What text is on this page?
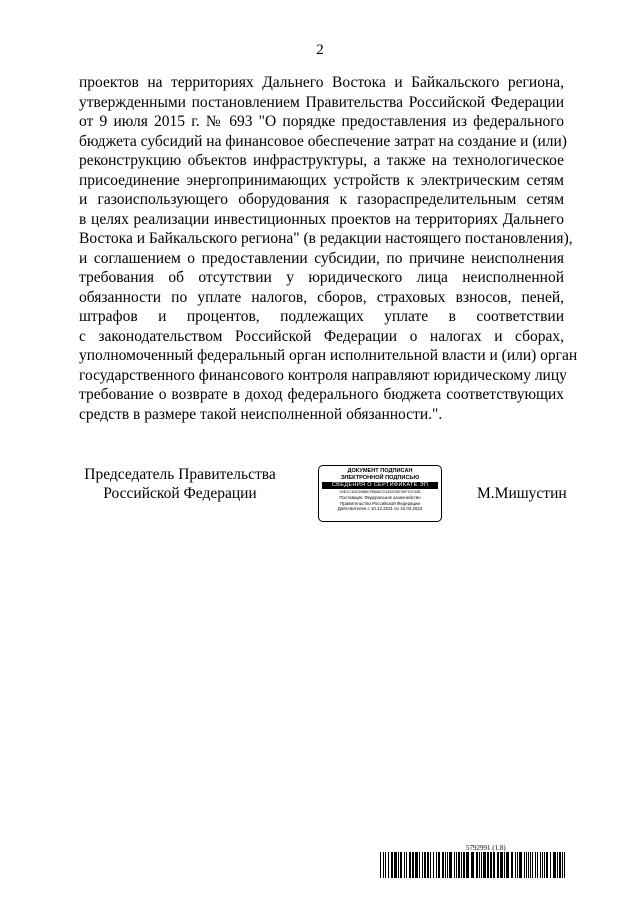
2
проектов на территориях Дальнего Востока и Байкальского региона,
утвержденными постановлением Правительства Российской Федерации
от 9 июля 2015 г. № 693 "О порядке предоставления из федерального
бюджета субсидий на финансовое обеспечение затрат на создание и (или)
реконструкцию объектов инфраструктуры, а также на технологическое
присоединение энергопринимающих устройств к электрическим сетям
и газоиспользующего оборудования к газораспределительным сетям
в целях реализации инвестиционных проектов на территориях Дальнего
Востока и Байкальского региона" (в редакции настоящего постановления),
и соглашением о предоставлении субсидии, по причине неисполнения
требования об отсутствии у юридического лица неисполненной
обязанности по уплате налогов, сборов, страховых взносов, пеней,
штрафов и процентов, подлежащих уплате в соответствии
с законодательством Российской Федерации о налогах и сборах,
уполномоченный федеральный орган исполнительной власти и (или) орган
государственного финансового контроля направляют юридическому лицу
требование о возврате в доход федерального бюджета соответствующих
средств в размере такой неисполненной обязанности.".
Председатель Правительства
Российской Федерации
ДОКУМЕНТ ПОДПИСАН
ЭЛЕКТРОННОЙ ПОДПИСЬЮ
СВЕДЕНИЯ О СЕРТИФИКАТЕ ЭП
00E1C3AC5988CFB6807213320DE39F19742B
Поставщик: Федеральное казначейство
Правительство Российской Федерации
Действителен с 10.12.2021 по 10.03.2023
М.Мишустин
5792991 (1.8)
